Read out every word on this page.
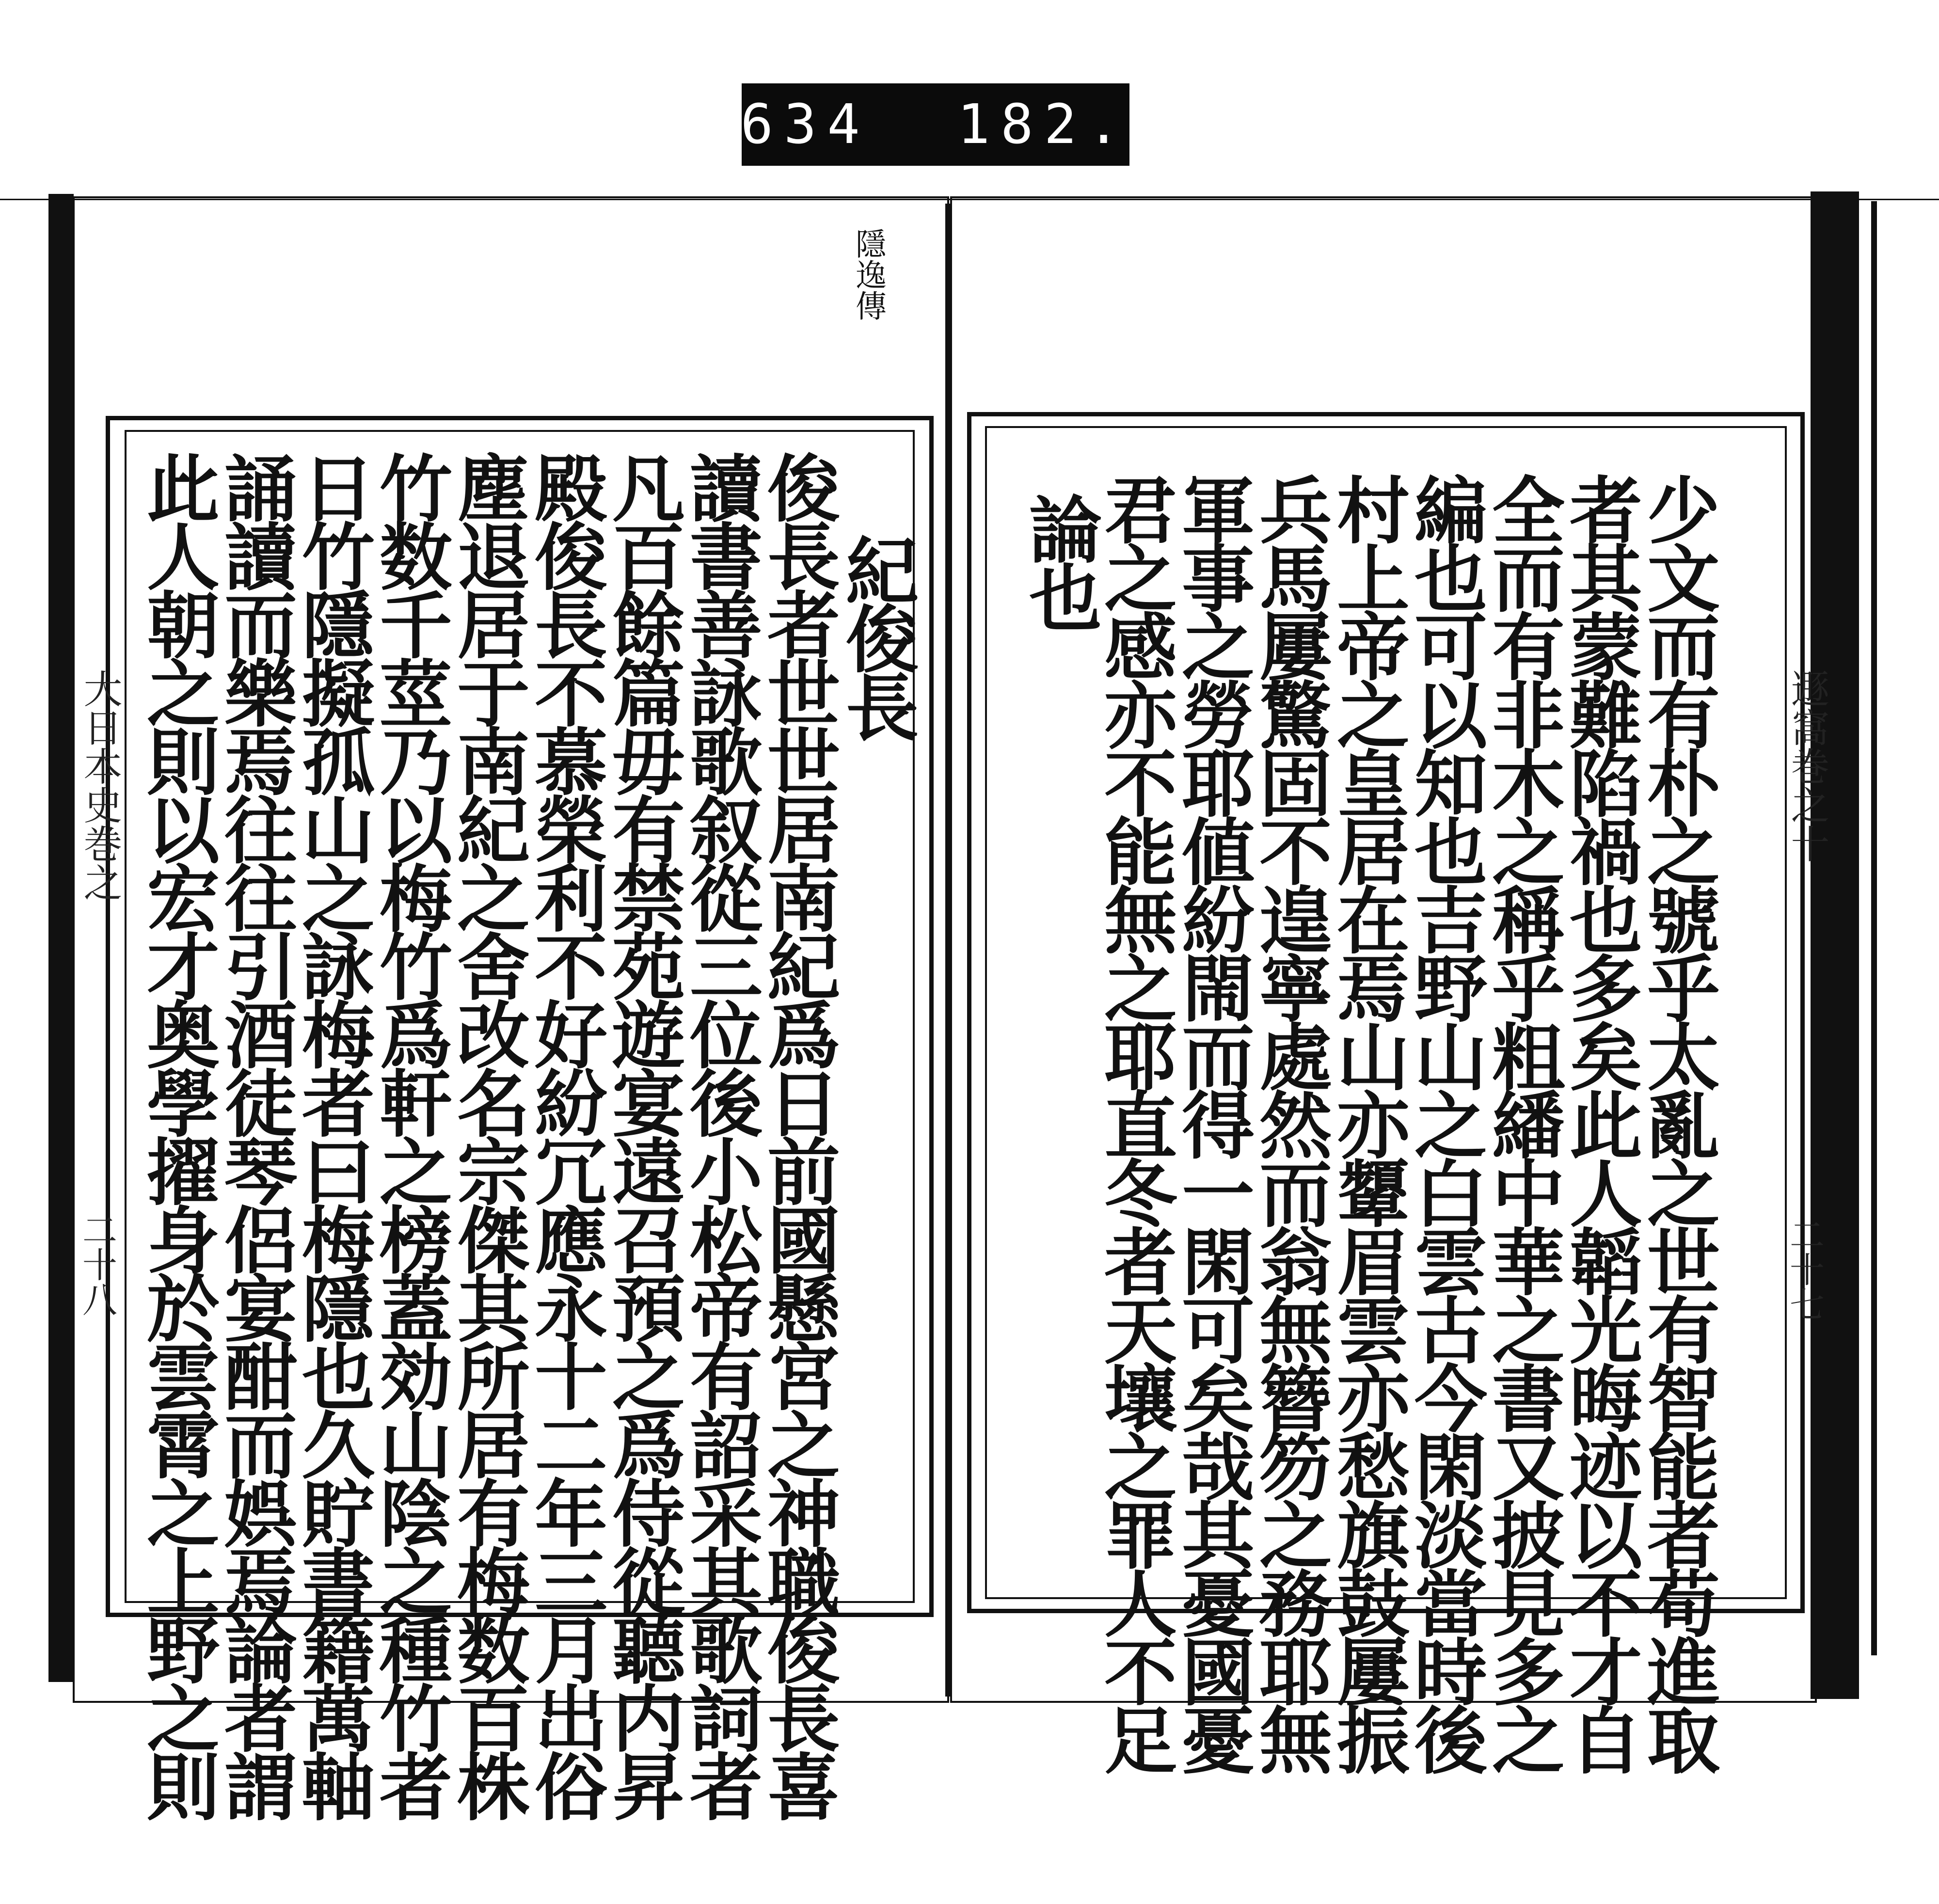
634  182.
隱逸傳
大日本史巻之
二十八
紀俊長
俊長者世世居南紀爲日前國懸宮之神職俊長喜
讀書善詠歌叙從三位後小松帝有詔采其歌詞者
凡百餘篇毋有禁苑遊宴遠召預之爲侍從聽内昇
殿俊長不慕榮利不好紛冗應永十二年三月出俗
塵退居于南紀之舍改名宗傑其所居有梅数百株
竹数千莖乃以梅竹爲軒之榜蓋効山陰之種竹者
日竹隱擬孤山之詠梅者曰梅隱也久貯書籍萬軸
誦讀而樂焉往往引酒徒琴侶宴酣而娯焉論者謂
此人朝之則以宏才奥學擢身於雲霄之上野之則	遯窩巻之十
二十七
少文而有朴之號乎太亂之世有智能者苟進取
者其蒙難陷禍也多矣此人韜光晦迹以不才自
全而有非木之稱乎粗繙中華之書又披見多之
編也可以知也吉野山之白雲古今閑淡當時後
村上帝之皇居在焉山亦顰眉雲亦愁旗鼓屢振
兵馬屢驚固不遑寧處然而翁無簪笏之務耶無
軍事之勞耶値紛閙而得一閑可矣哉其憂國憂
君之感亦不能無之耶直冬者天壤之罪人不足
論也
